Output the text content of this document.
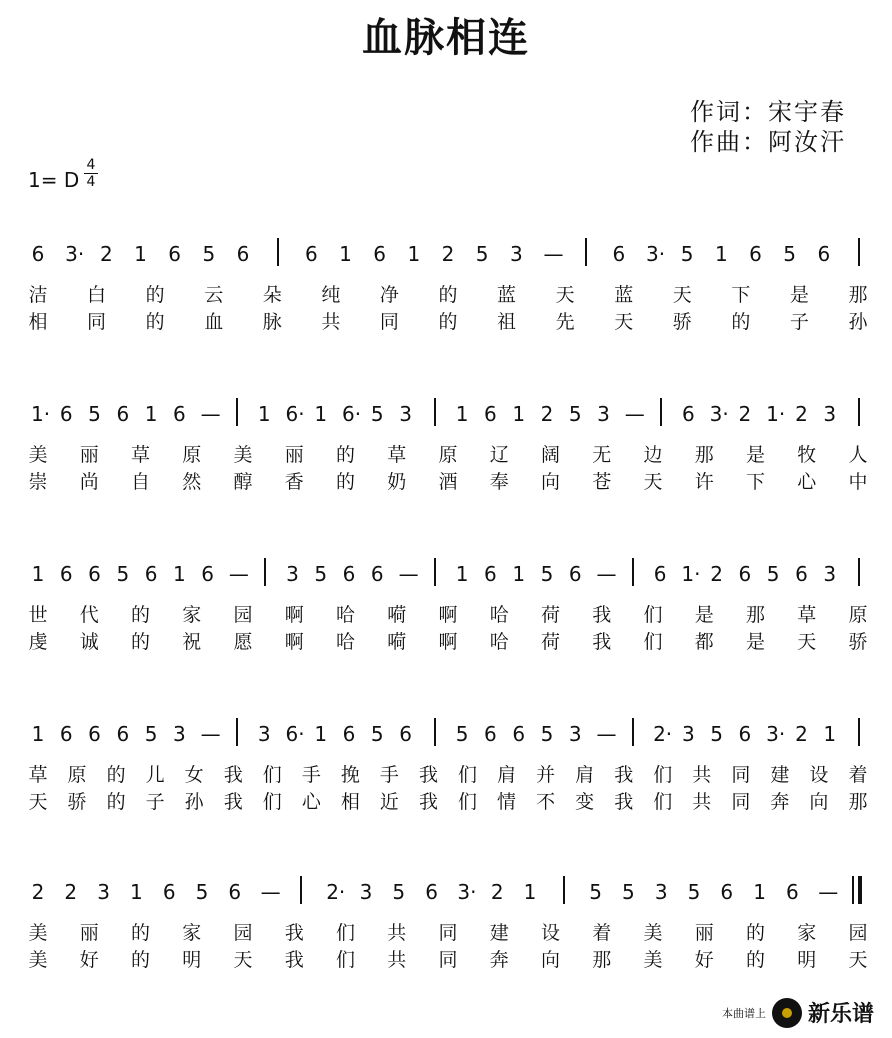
血脉相连
作词：宋宇春
作曲：阿汝汗
1= D
4
4
6 3· 2 1 6 5 6	6 1 6 1 2 5 3 — 6 3· 5 1 6 5 6
洁 白 的 云 朵 纯 净 的 蓝 天 蓝 天 下 是 那
相 同 的 血 脉 共 同 的 祖 先 天 骄 的 子 孙
1· 6 5 6 1 6 — 1 6· 1 6· 5 3 1 6 1 2 5 3 — 6 3· 2 1· 2 3
美 丽 草 原 美 丽 的 草 原 辽 阔 无 边 那 是 牧 人
崇 尚 自 然 醇 香 的 奶 酒 奉 向 苍 天 许 下 心 中
1 6 6 5 6 1 6 — 3 5 6 6 — 1 6 1 5 6 — 6 1· 2 6 5 6 3
世 代 的 家 园 啊 哈 嗬 啊 哈 荷 我 们 是 那 草 原
虔 诚 的 祝 愿 啊 哈 嗬 啊 哈 荷 我 们 都 是 天 骄
1 6 6 6 5 3 — 3 6· 1 6 5 6 5 6 6 5 3 — 2· 3 5 6 3· 2 1
草 原 的 儿 女 我 们 手 挽 手 我 们 肩 并 肩 我 们 共 同 建 设 着
天 骄 的 子 孙 我 们 心 相 近 我 们 情 不 变 我 们 共 同 奔 向 那
2 2 3 1 6 5 6 — 2· 3 5 6 3· 2 1	5 5 3 5 6 1 6 —
美 丽 的 家 园 我 们 共 同 建 设 着 美 丽 的 家 园
美 好 的 明 天 我 们 共 同 奔 向 那 美 好 的 明 天
本曲谱上 新乐谱
